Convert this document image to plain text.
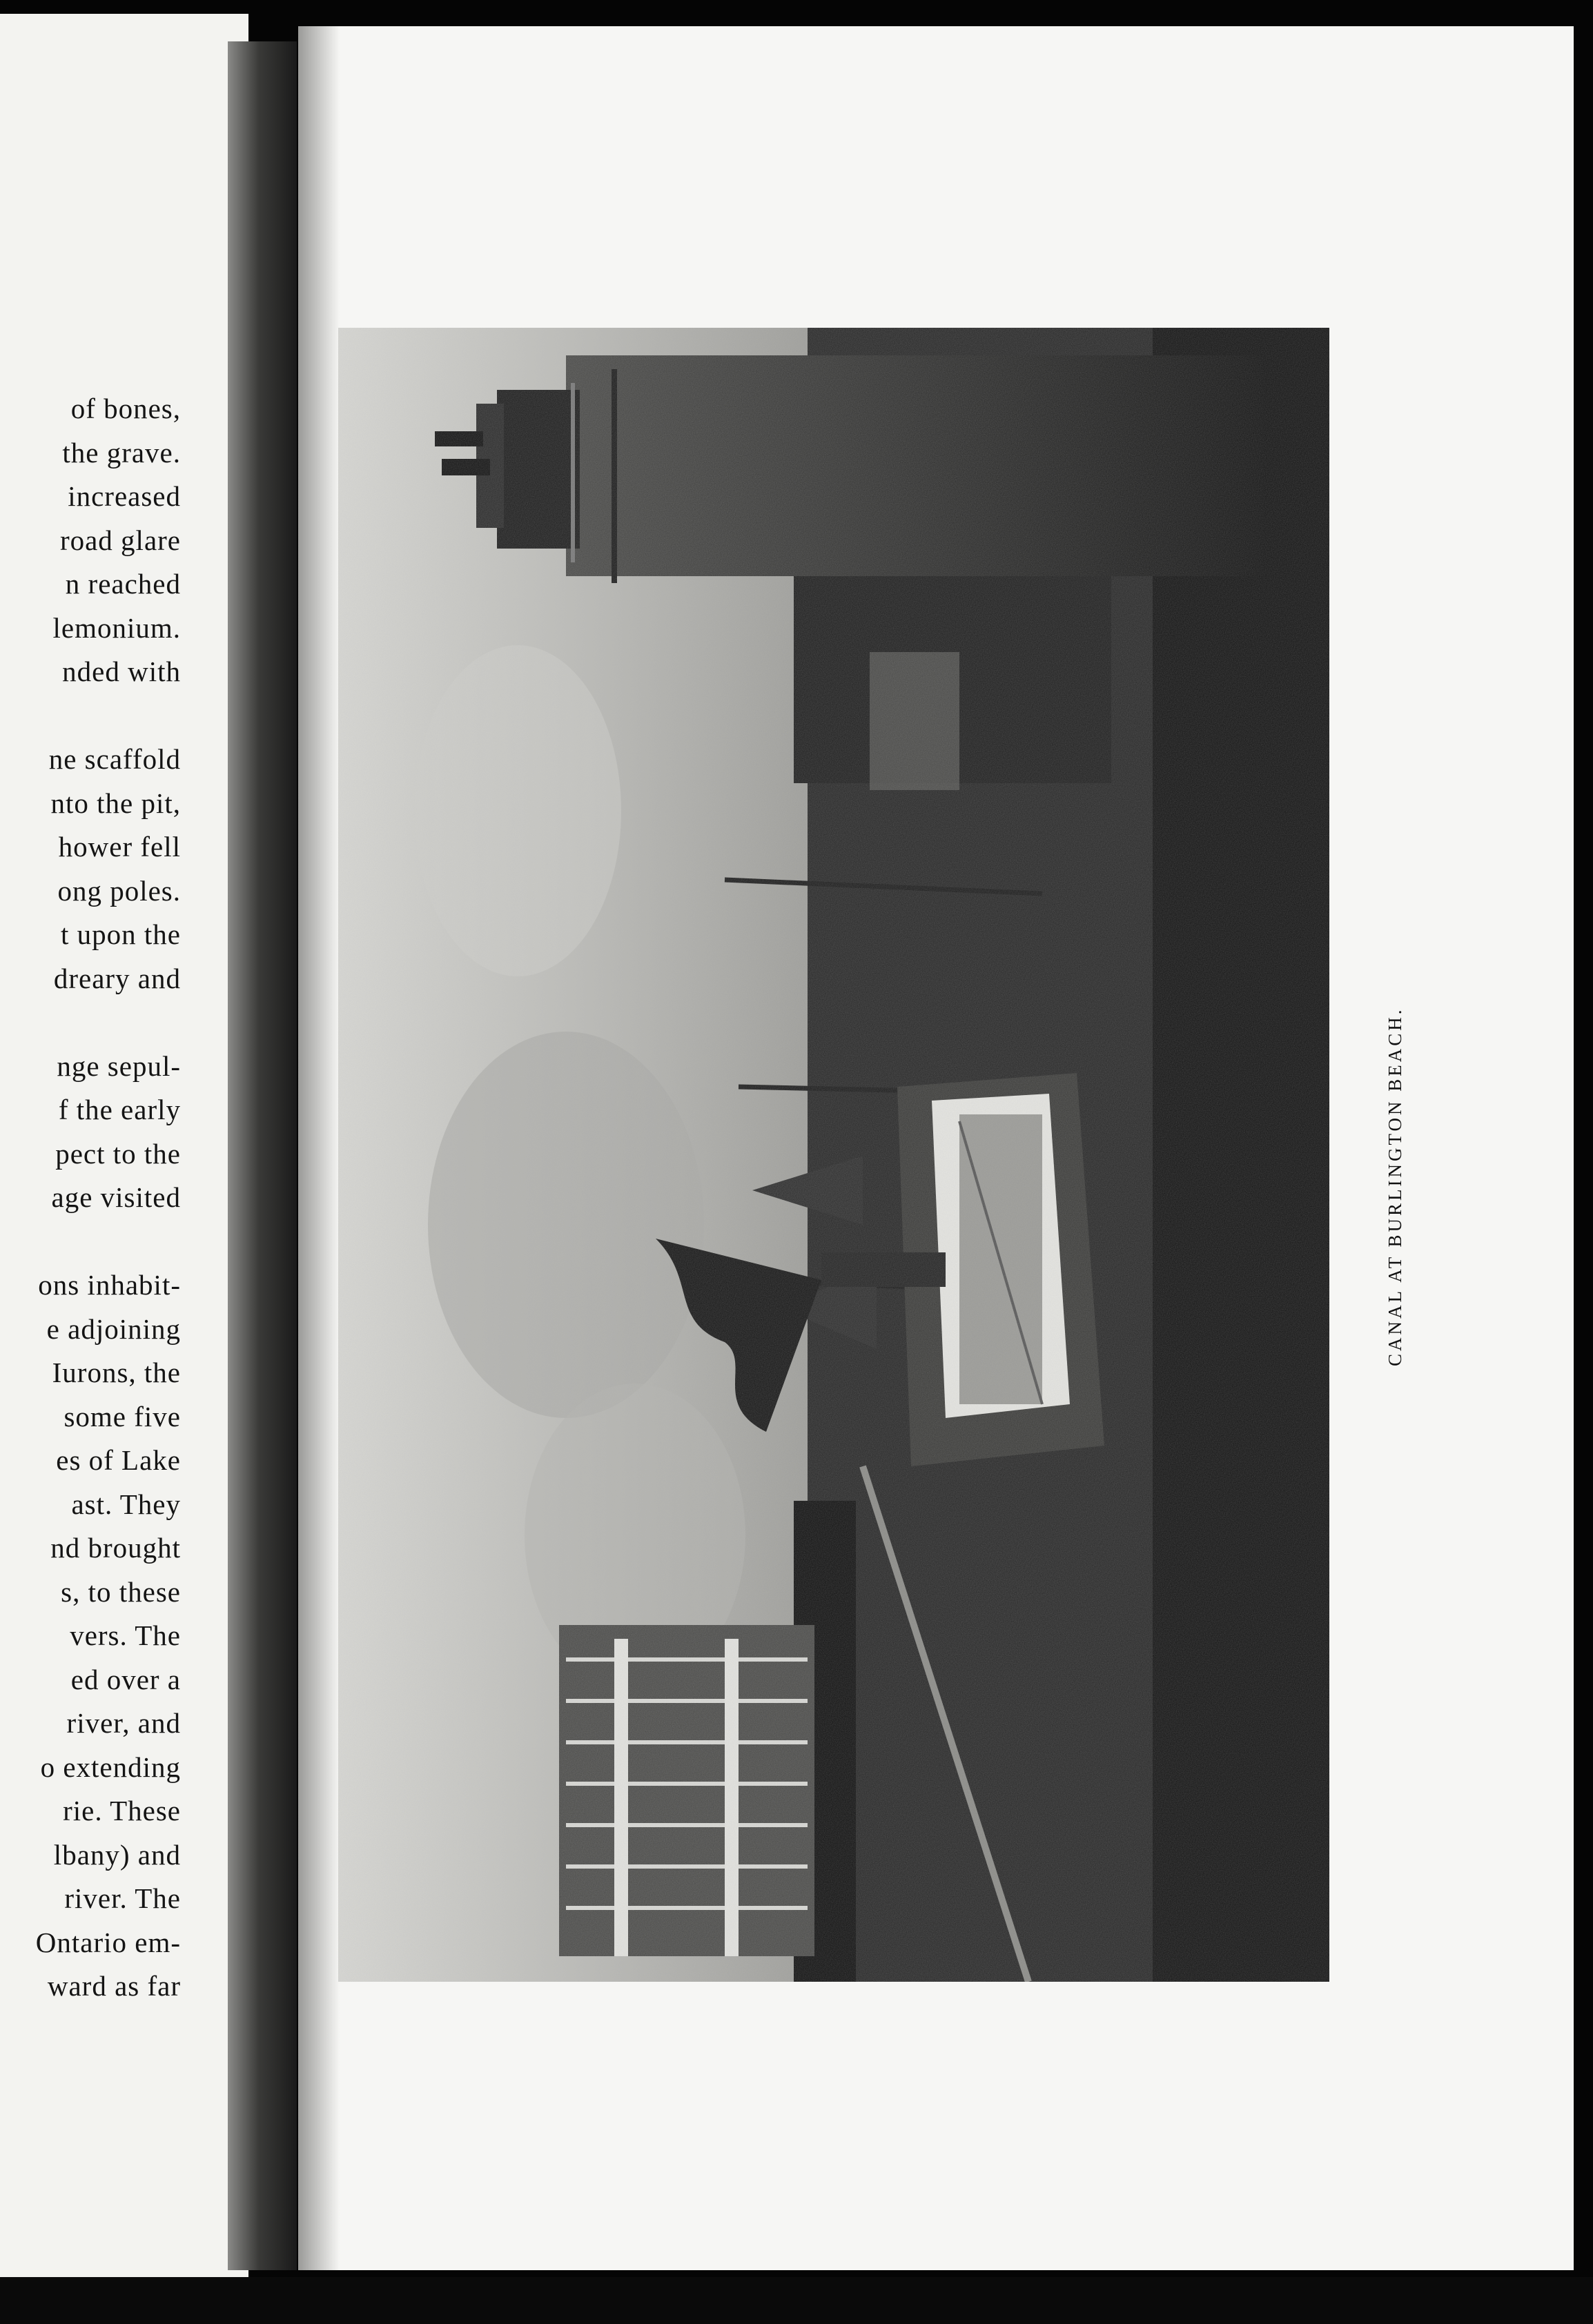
of bones,
the grave.
increased
road glare
n reached
lemonium.
nded with
ne scaffold
nto the pit,
hower fell
ong poles.
t upon the
dreary and
nge sepul-
f the early
pect to the
age visited
ons inhabit-
e adjoining
Iurons, the
some five
es of Lake
ast. They
nd brought
s, to these
vers. The
ed over a
river, and
o extending
rie. These
lbany) and
river. The
Ontario em-
ward as far
CANAL AT BURLINGTON BEACH.
